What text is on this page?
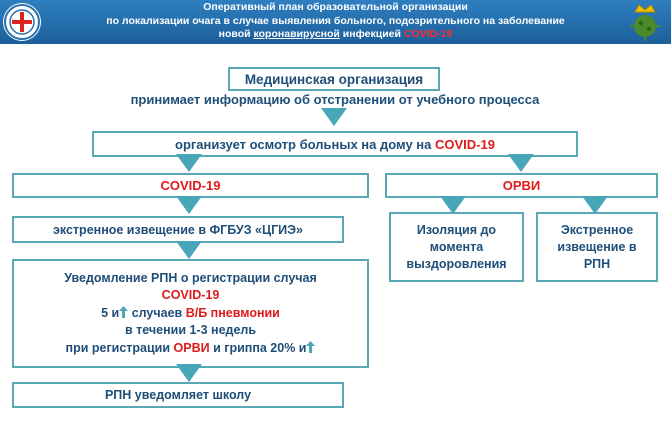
Оперативный план образовательной организации
по локализации очага в случае выявления больного, подозрительного на заболевание
новой коронавирусной инфекцией COVID-19
Медицинская организация
принимает информацию об отстранении от учебного процесса
организует осмотр больных на дому на COVID-19
COVID-19
экстренное извещение в ФГБУЗ «ЦГИЭ»
Уведомление РПН о регистрации случая
COVID-19
5 и случаев В/Б пневмонии
в течении 1-3 недель
при регистрации ОРВИ и гриппа 20% и
РПН уведомляет школу
ОРВИ
Изоляция до момента выздоровления
Экстренное извещение в РПН
